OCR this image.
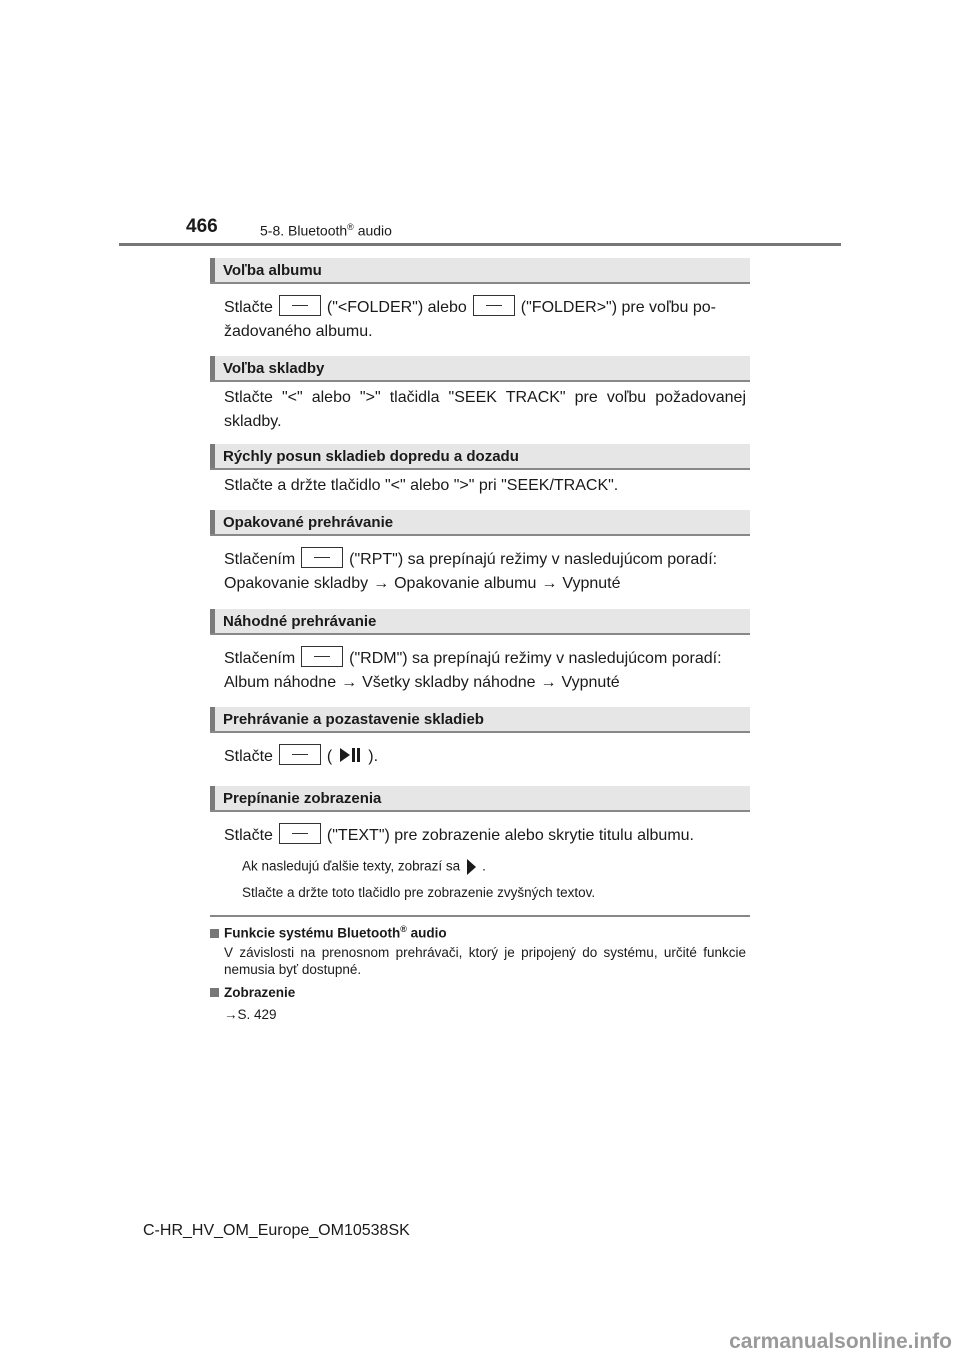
466	5-8. Bluetooth® audio
Voľba albumu
Stlačte	("<FOLDER") alebo	("FOLDER>") pre voľbu po-
žadovaného albumu.
Voľba skladby
Stlačte "<" alebo ">" tlačidla "SEEK TRACK" pre voľbu požadovanej skladby.
Rýchly posun skladieb dopredu a dozadu
Stlačte a držte tlačidlo "<" alebo ">" pri "SEEK/TRACK".
Opakované prehrávanie
Stlačením	("RPT") sa prepínajú režimy v nasledujúcom poradí:
Opakovanie skladby → Opakovanie albumu → Vypnuté
Náhodné prehrávanie
Stlačením	("RDM") sa prepínajú režimy v nasledujúcom poradí:
Album náhodne → Všetky skladby náhodne → Vypnuté
Prehrávanie a pozastavenie skladieb
Stlačte	( ).
Prepínanie zobrazenia
Stlačte	("TEXT") pre zobrazenie alebo skrytie titulu albumu.
Ak nasledujú ďalšie texty, zobrazí sa .
Stlačte a držte toto tlačidlo pre zobrazenie zvyšných textov.
Funkcie systému Bluetooth® audio
V závislosti na prenosnom prehrávači, ktorý je pripojený do systému, určité funkcie nemusia byť dostupné.
Zobrazenie
→S. 429
C-HR_HV_OM_Europe_OM10538SK
carmanualsonline.info
